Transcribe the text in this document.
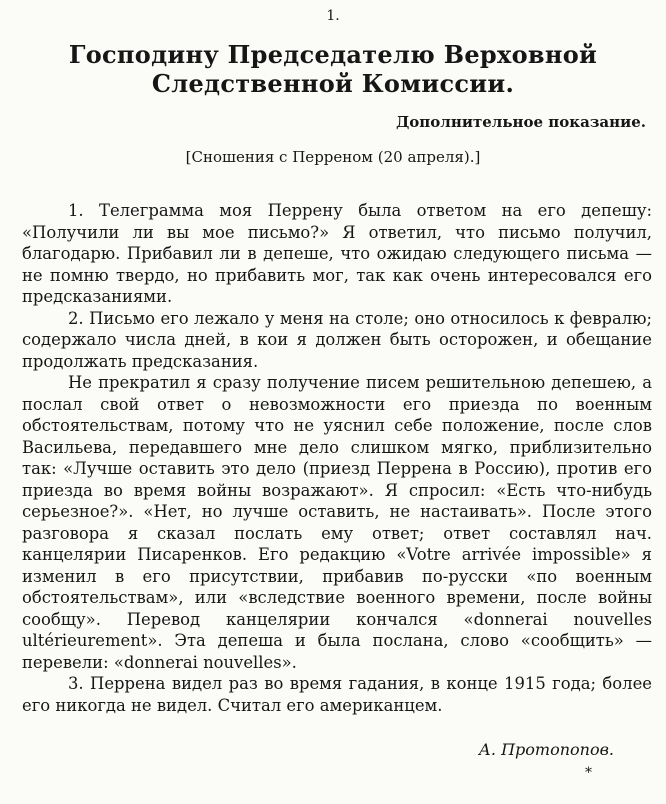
1.
Господину Председателю Верховной
Следственной Комиссии.
Дополнительное показание.
[Сношения с Перреном (20 апреля).]

1. Телеграмма моя Перрену была ответом на его депешу: «Получили ли вы мое письмо?» Я ответил, что письмо получил, благодарю. Прибавил ли в депеше, что ожидаю следующего письма — не помню твердо, но прибавить мог, так как очень интересовался его предсказаниями.

2. Письмо его лежало у меня на столе; оно относилось к февралю; содержало числа дней, в кои я должен быть осторожен, и обещание продолжать предсказания.

Не прекратил я сразу получение писем решительною депешею, а послал свой ответ о невозможности его приезда по военным обстоятельствам, потому что не уяснил себе положение, после слов Васильева, передавшего мне дело слишком мягко, приблизительно так: «Лучше оставить это дело (приезд Перрена в Россию), против его приезда во время войны возражают». Я спросил: «Есть что-нибудь серьезное?». «Нет, но лучше оставить, не настаивать». После этого разговора я сказал послать ему ответ; ответ составлял нач. канцелярии Писаренков. Его редакцию «Votre arrivée impossible» я изменил в его присутствии, прибавив по-русски «по военным обстоятельствам», или «вследствие военного времени, после войны сообщу». Перевод канцелярии кончался «donnerai nouvelles ultérieurement». Эта депеша и была послана, слово «сообщить» — перевели: «donnerai nouvelles».

3. Перрена видел раз во время гадания, в конце 1915 года; более его никогда не видел. Считал его американцем.

А. Протопопов.
*
